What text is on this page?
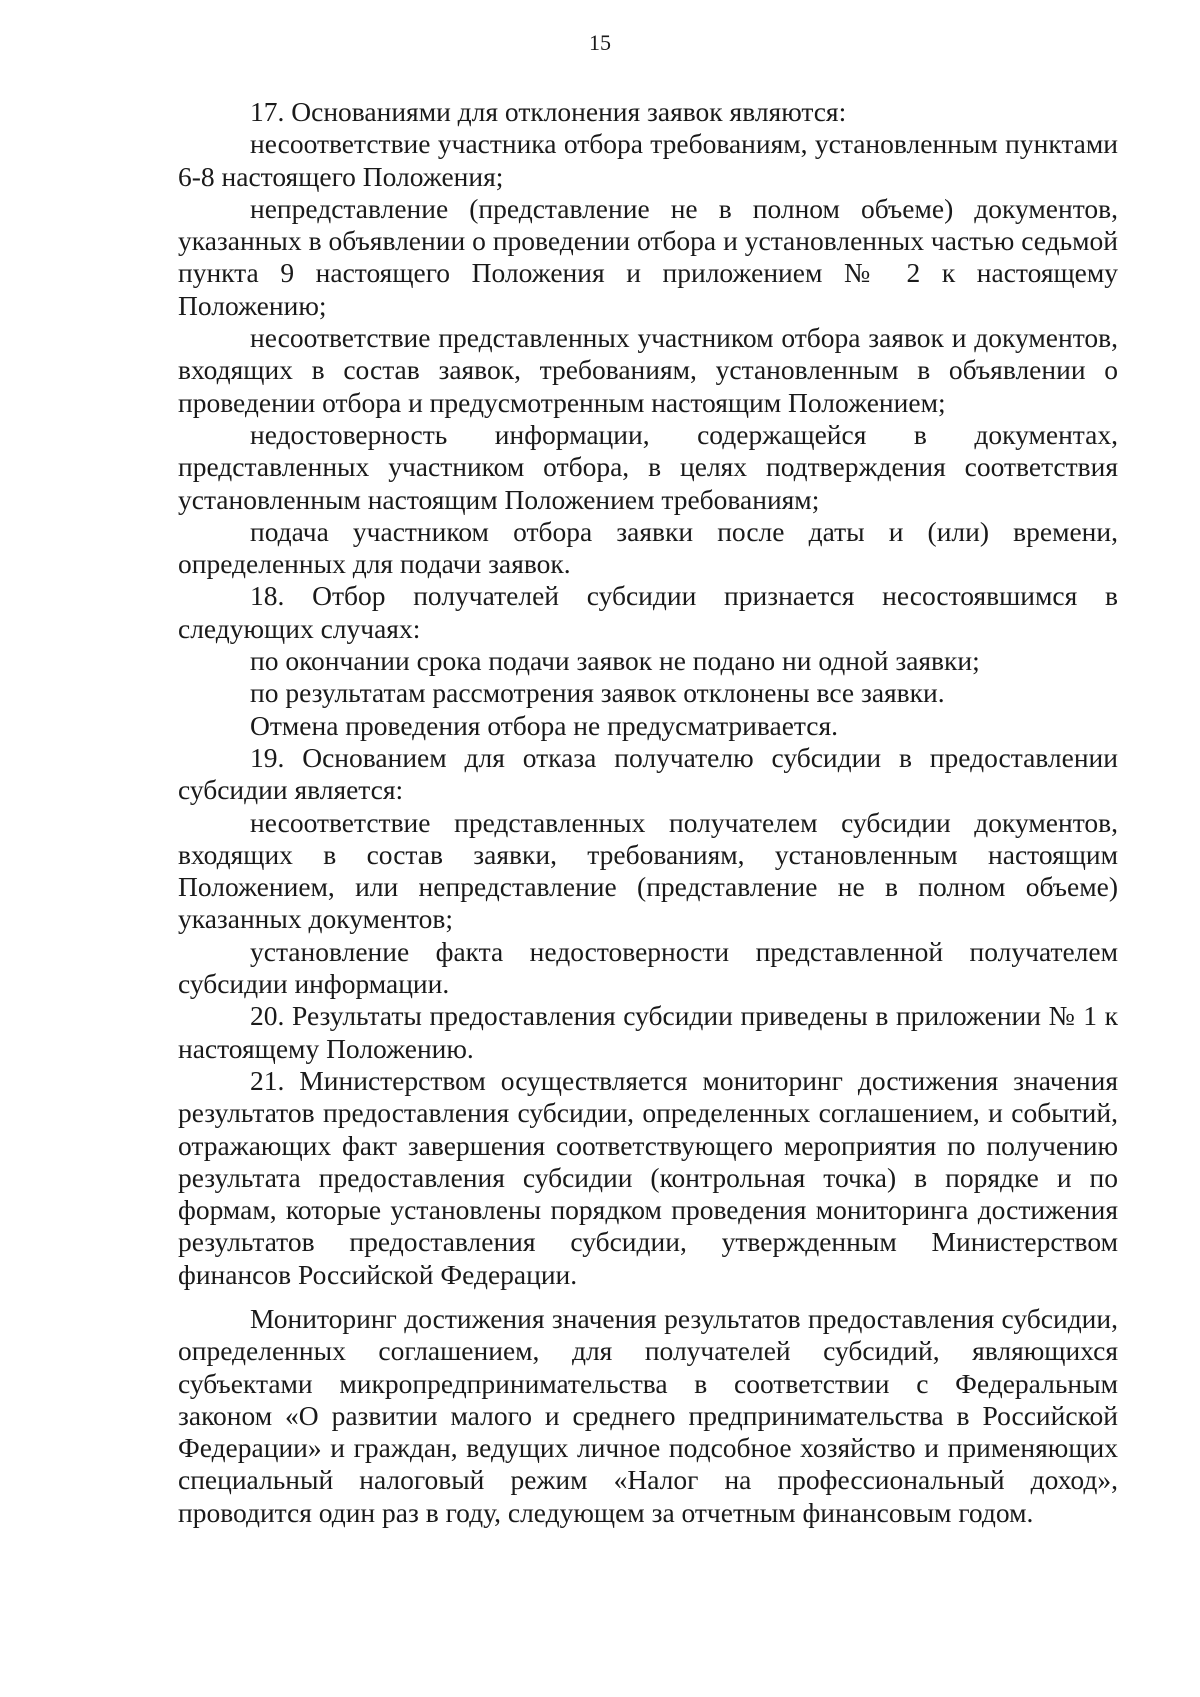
15

17. Основаниями для отклонения заявок являются:

несоответствие участника отбора требованиям, установленным пунктами 6-8 настоящего Положения;

непредставление (представление не в полном объеме) документов, указанных в объявлении о проведении отбора и установленных частью седьмой пункта 9 настоящего Положения и приложением № 2 к настоящему Положению;

несоответствие представленных участником отбора заявок и документов, входящих в состав заявок, требованиям, установленным в объявлении о проведении отбора и предусмотренным настоящим Положением;

недостоверность информации, содержащейся в документах, представленных участником отбора, в целях подтверждения соответствия установленным настоящим Положением требованиям;

подача участником отбора заявки после даты и (или) времени, определенных для подачи заявок.

18. Отбор получателей субсидии признается несостоявшимся в следующих случаях:

по окончании срока подачи заявок не подано ни одной заявки;

по результатам рассмотрения заявок отклонены все заявки.

Отмена проведения отбора не предусматривается.

19. Основанием для отказа получателю субсидии в предоставлении субсидии является:

несоответствие представленных получателем субсидии документов, входящих в состав заявки, требованиям, установленным настоящим Положением, или непредставление (представление не в полном объеме) указанных документов;

установление факта недостоверности представленной получателем субсидии информации.

20. Результаты предоставления субсидии приведены в приложении № 1 к настоящему Положению.

21. Министерством осуществляется мониторинг достижения значения результатов предоставления субсидии, определенных соглашением, и событий, отражающих факт завершения соответствующего мероприятия по получению результата предоставления субсидии (контрольная точка) в порядке и по формам, которые установлены порядком проведения мониторинга достижения результатов предоставления субсидии, утвержденным Министерством финансов Российской Федерации.

Мониторинг достижения значения результатов предоставления субсидии, определенных соглашением, для получателей субсидий, являющихся субъектами микропредпринимательства в соответствии с Федеральным законом «О развитии малого и среднего предпринимательства в Российской Федерации» и граждан, ведущих личное подсобное хозяйство и применяющих специальный налоговый режим «Налог на профессиональный доход», проводится один раз в году, следующем за отчетным финансовым годом.
